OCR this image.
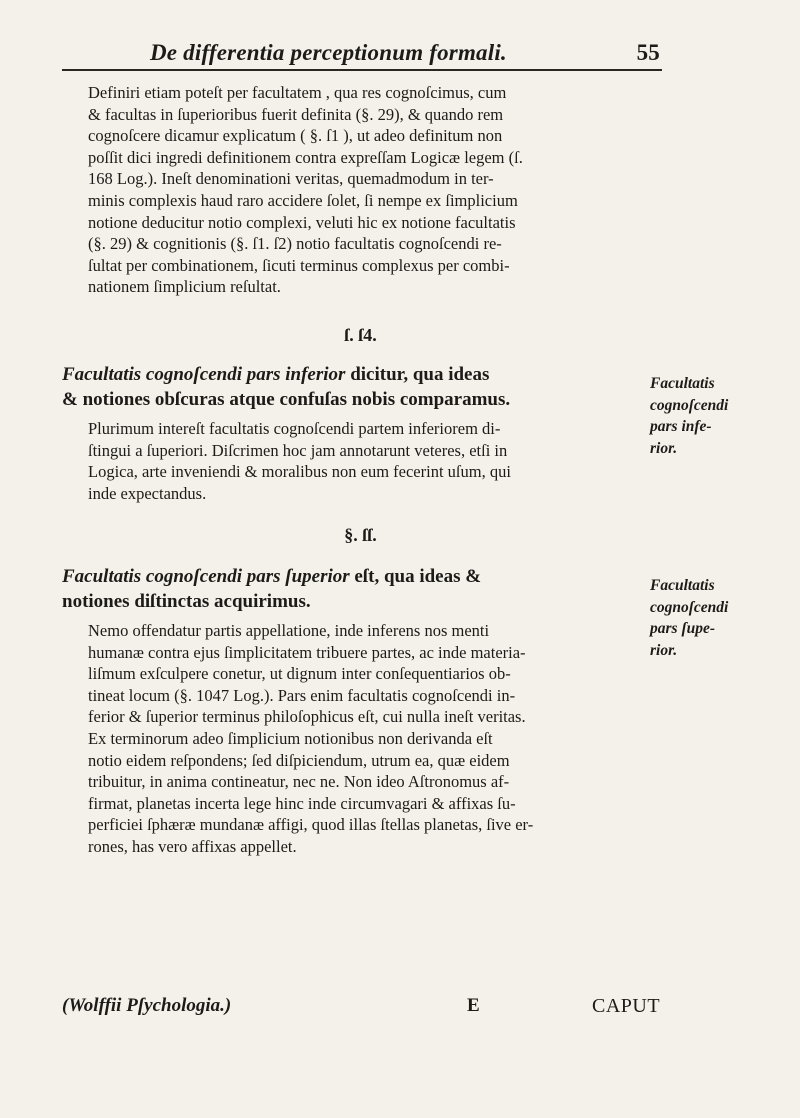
De differentia perceptionum formali.	55
Definiri etiam poteſt per facultatem , qua res cognoſcimus, cum
& facultas in ſuperioribus fuerit definita (§. 29), & quando rem
cognoſcere dicamur explicatum ( §. ſ1 ), ut adeo definitum non
poſſit dici ingredi definitionem contra expreſſam Logicæ legem (ſ.
168 Log.). Ineſt denominationi veritas, quemadmodum in ter-
minis complexis haud raro accidere ſolet, ſi nempe ex ſimplicium
notione deducitur notio complexi, veluti hic ex notione facultatis
(§. 29) & cognitionis (§. ſ1. ſ2) notio facultatis cognoſcendi re-
ſultat per combinationem, ſicuti terminus complexus per combi-
nationem ſimplicium reſultat.
ſ. ſ4.
Facultatis cognoſcendi pars inferior dicitur, qua ideas
& notiones obſcuras atque confuſas nobis comparamus.
Plurimum intereſt facultatis cognoſcendi partem inferiorem di-
ſtingui a ſuperiori. Diſcrimen hoc jam annotarunt veteres, etſi in
Logica, arte inveniendi & moralibus non eum fecerint uſum, qui
inde expectandus.
Facultatis
cognoſcendi
pars infe-
rior.
§. ſſ.
Facultatis cognoſcendi pars ſuperior eſt, qua ideas &
notiones diſtinctas acquirimus.
Nemo offendatur partis appellatione, inde inferens nos menti
humanæ contra ejus ſimplicitatem tribuere partes, ac inde materia-
liſmum exſculpere conetur, ut dignum inter conſequentiarios ob-
tineat locum (§. 1047 Log.). Pars enim facultatis cognoſcendi in-
ferior & ſuperior terminus philoſophicus eſt, cui nulla ineſt veritas.
Ex terminorum adeo ſimplicium notionibus non derivanda eſt
notio eidem reſpondens; ſed diſpiciendum, utrum ea, quæ eidem
tribuitur, in anima contineatur, nec ne. Non ideo Aſtronomus af-
firmat, planetas incerta lege hinc inde circumvagari & affixas ſu-
perficiei ſphæræ mundanæ affigi, quod illas ſtellas planetas, ſive er-
rones, has vero affixas appellet.
Facultatis
cognoſcendi
pars ſupe-
rior.
(Wolffii Pſychologia.)	E	CAPUT
